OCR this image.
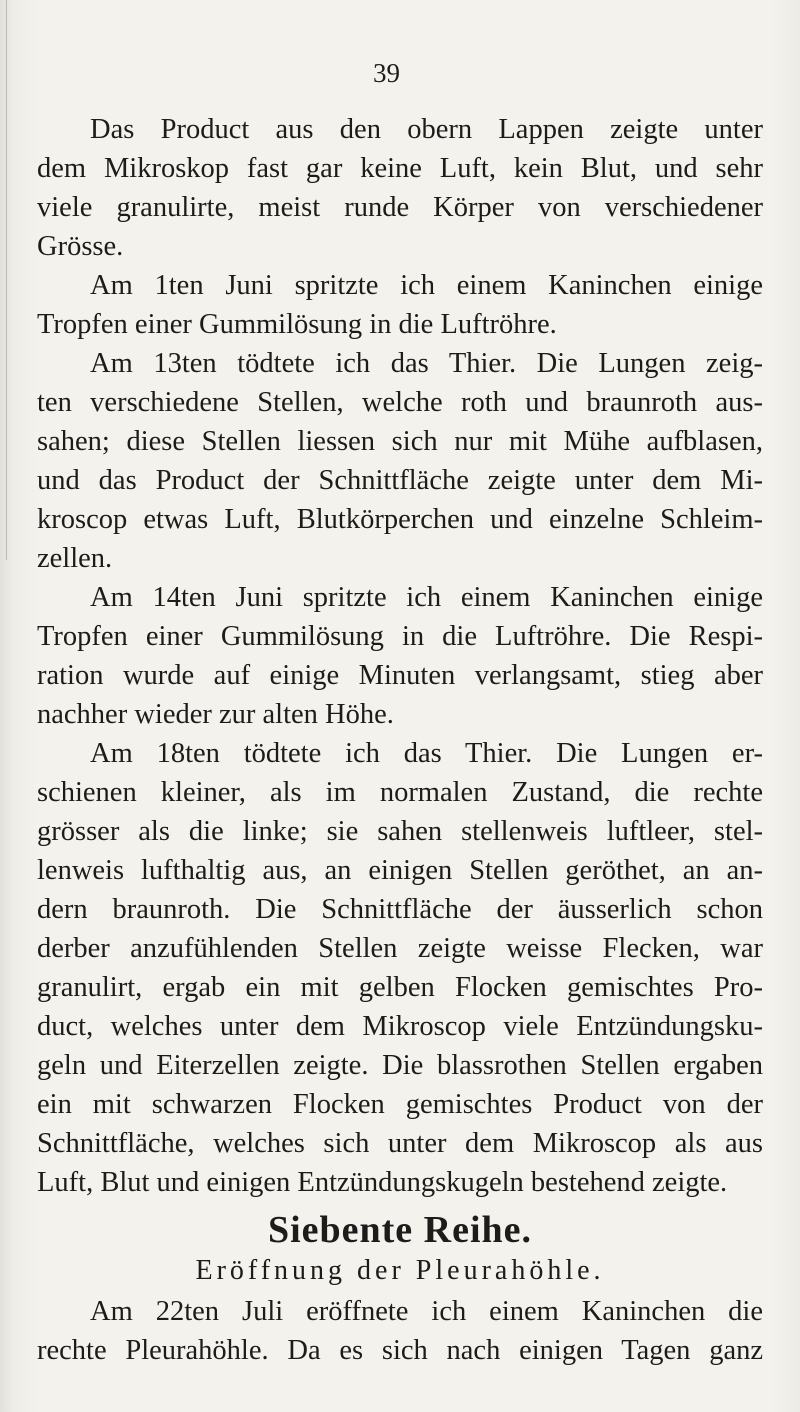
39
Das Product aus den obern Lappen zeigte unter
dem Mikroskop fast gar keine Luft, kein Blut, und sehr
viele granulirte, meist runde Körper von verschiedener
Grösse.
Am 1ten Juni spritzte ich einem Kaninchen einige
Tropfen einer Gummilösung in die Luftröhre.
Am 13ten tödtete ich das Thier. Die Lungen zeig-
ten verschiedene Stellen, welche roth und braunroth aus-
sahen; diese Stellen liessen sich nur mit Mühe aufblasen,
und das Product der Schnittfläche zeigte unter dem Mi-
kroscop etwas Luft, Blutkörperchen und einzelne Schleim-
zellen.
Am 14ten Juni spritzte ich einem Kaninchen einige
Tropfen einer Gummilösung in die Luftröhre. Die Respi-
ration wurde auf einige Minuten verlangsamt, stieg aber
nachher wieder zur alten Höhe.
Am 18ten tödtete ich das Thier. Die Lungen er-
schienen kleiner, als im normalen Zustand, die rechte
grösser als die linke; sie sahen stellenweis luftleer, stel-
lenweis lufthaltig aus, an einigen Stellen geröthet, an an-
dern braunroth. Die Schnittfläche der äusserlich schon
derber anzufühlenden Stellen zeigte weisse Flecken, war
granulirt, ergab ein mit gelben Flocken gemischtes Pro-
duct, welches unter dem Mikroscop viele Entzündungsku-
geln und Eiterzellen zeigte. Die blassrothen Stellen ergaben
ein mit schwarzen Flocken gemischtes Product von der
Schnittfläche, welches sich unter dem Mikroscop als aus
Luft, Blut und einigen Entzündungskugeln bestehend zeigte.
Siebente Reihe.
Eröffnung der Pleurahöhle.
Am 22ten Juli eröffnete ich einem Kaninchen die
rechte Pleurahöhle. Da es sich nach einigen Tagen ganz
